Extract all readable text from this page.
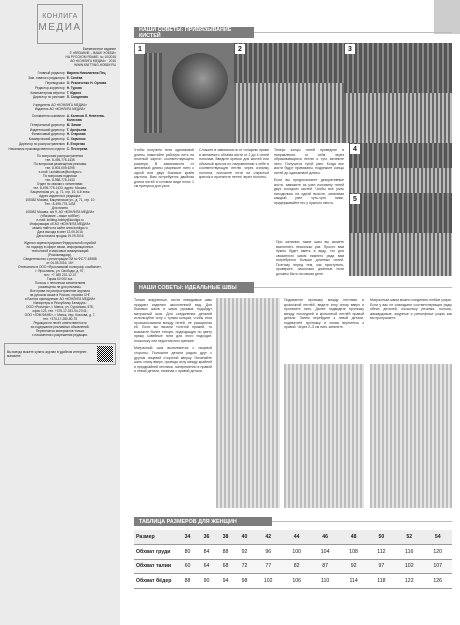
КОНЛИГА
МЕДИА
Ежемесячное издание
© «ВЯЗАНИЕ – ВАШЕ ХОББИ»
НА РУССКОМ ЯЗЫКЕ. № 10/2016
АО «КОНЛИГА МЕДИА» · 2016
WWW.KNITTING-HOBBY.RU
Главный редактор	Марина Николаевна Пец
Зам. главного редактора	Е. Синёва
Переводчики	О. Резниченко Н. Орлова
Редактор-корректор	Н. Гурова
Компьютерная вёрстка	Т. Юдина
Директор по рекламе	Л. Солдатова
Учредитель АО «КОНЛИГА МЕДИА»
Издатель АО «КОНЛИГА МЕДИА»
Основатели компании	А. Колесов Л. Невтеева-Колесова
Генеральный директор	М. Зимин
Издательский директор	Т. Арефьева
Финансовый директор	Н. Старкова
Коммерческий директор	С. Харченко
Директор по распространению	Е. Егоренко
Начальник производственного отдела	С. Пестерева
По вопросам распространения
тел. 8-495-775-1435
По вопросам размещения рекламы
тел. 8-903-009-6295
e-mail: i.soldatova@konliga.ru
По вопросам подписки
тел. 8-958-775-1433
Отдел по связям с читателями:
тел. 8-495-775-1433, адрес: Москва,
Бакунинская ул., д. 71, стр. 10, 6-й этаж
Адрес издателя и редакции:
105082 Москва, Бакунинская ул., д. 71, стр. 10
Тел.: 8-495-775-1433
Для писем:
105082 Москва, а/я 9, АО «КОНЛИГА МЕДИА»
(«Вязание – ваше хобби»)
e-mail: knitting-hobby@konliga.ru
Информация об АО «КОНЛИГА МЕДИА»
можно найти на сайте www.konliga.ru
Дата выхода в свет 13.09.2016
Дата начала продаж 19.09.2016
Журнал зарегистрирован Федеральной службой
по надзору в сфере связи, информационных
технологий и массовых коммуникаций
(Роскомнадзор).
Свидетельство о регистрации ПИ № ФС77-63988
от 04.05.2016. 16+
Отпечатано в ООО «Ярославский полиграф. комбинат»,
г. Ярославль, ул. Свободы, д. 97,
тел.: +7 485 232-12-07
Тираж 60 000 экз.
Полосы с неполным заполнением
размещены не для рекламы.
Все права на распространение журнала
на русском языке в России, странах СНГ
и Балтии принадлежат АО «КОНЛИГА МЕДИА»
Импортеры в Республику Беларусь:
ООО «Росчерк», г. Минск, ул. Сурганова, 57Б,
офис 123, тел. +375-17-331-94-27/41;
ООО «ГОМ ФАНБ», г. Минск, пер. Козлова, д. 7,
тел. +375-17-280-80-75
Редакция не несёт ответственности
за содержание рекламных объявлений.
Перепечатка материалов только
с письменного разрешения редакции.
Вы всегда можете купить журнал в удобном интернет-магазине
НАШИ СОВЕТЫ: ПРИВЯЗЫВАНИЕ КИСТЕЙ
1	2	3
4
5

Чтобы получить нити одинаковой длины, намотайте рабочую нить на плотный картон соответствующего размера. В зависимости от желаемой длины разрежьте нити с одной или двух боковых краёв картона. Вам потребуется двойная длина нитей в готовом виде плюс 1 см припуска для узла.

Сложите в зависимости от толщины пряжи и желаемого объёма кисти от 2 до 4 нитей пополам. Введите крючок для кистей или обычный крючок по направлению к себе в соответствующую петлю через изнанку полотна, положите нити на открытый крючок и протяните петлю через полотно.

Теперь концы нитей проведите в направлении от себя через образовавшуюся петлю и туго затяните нити. Получится тугой узел. Когда все кисти будут привязаны, подрежьте концы нитей до одинаковой длины.

Если вы предпочитаете декоративные кисти, завяжите из узел половину нитей двух соседних кистей. Чтобы все узлы находились на одной высоте, затягивая каждый узел чуть-чуть ниже, придерживайте его у нужного места.

При желании такие швы вы можете выполнять несколько раз. Просто вам нужно будет иметь в виду, что для связанного швом нижнего ряда вам потребуется больше длинных нитей. Поэтому перед тем, как приступить, проверьте, насколько длинные нити должны быть на самом деле.

НАШИ СОВЕТЫ: ИДЕАЛЬНЫЕ ШВЫ

Только аккуратные, почти невидимые швы придают изделию законченный вид. Для боковых швов и швов рукавов подойдут матрасный шов. Для соединения деталей используйте иглу с тупым концом, чтобы игла проскальзывала между нитей, не расщепляя её. Если вы вязали толстой пряжей, то возьмите более тонкую, подходящую по цвету пряжу. Швейные нити для этого подходят, поскольку они недостаточно крепкие.

Матрасный шов выполняется с лицевой стороны. Положите детали рядом друг с другом лицевой стороной кверху. Начинайте шить снизу вверх, проводя иглу между крайней и предкрайней петлями, попеременно в правой и левой детали, начиная с правой детали.

Подхватите протяжку между петлями и кромочной петлёй, ведите иглу снизу вверх и протяните нить. Далее подведите протяжку между последней и кромочной петлёй правой детали. Затем перейдите к левой детали, подхватите протяжку и снова вернитесь к правой. Через 2–3 см нить затяните.

Матрасным швом можно соединять любые узоры. Если у вас не совпадают соответствующие ряды обеих деталей, поскольку резинка, полосы, жаккардовые, ажурные и рельефные узоры как вы пропускаете.

ТАБЛИЦА РАЗМЕРОВ ДЛЯ ЖЕНЩИН
Размер	34	36	38	40	42	44	46	48	50	52	54
Обхват груди	80	84	88	92	96	100	104	108	112	116	120
Обхват талии	60	64	68	72	77	82	87	92	97	102	107
Обхват бёдер	88	90	94	98	102	106	110	114	118	122	126
